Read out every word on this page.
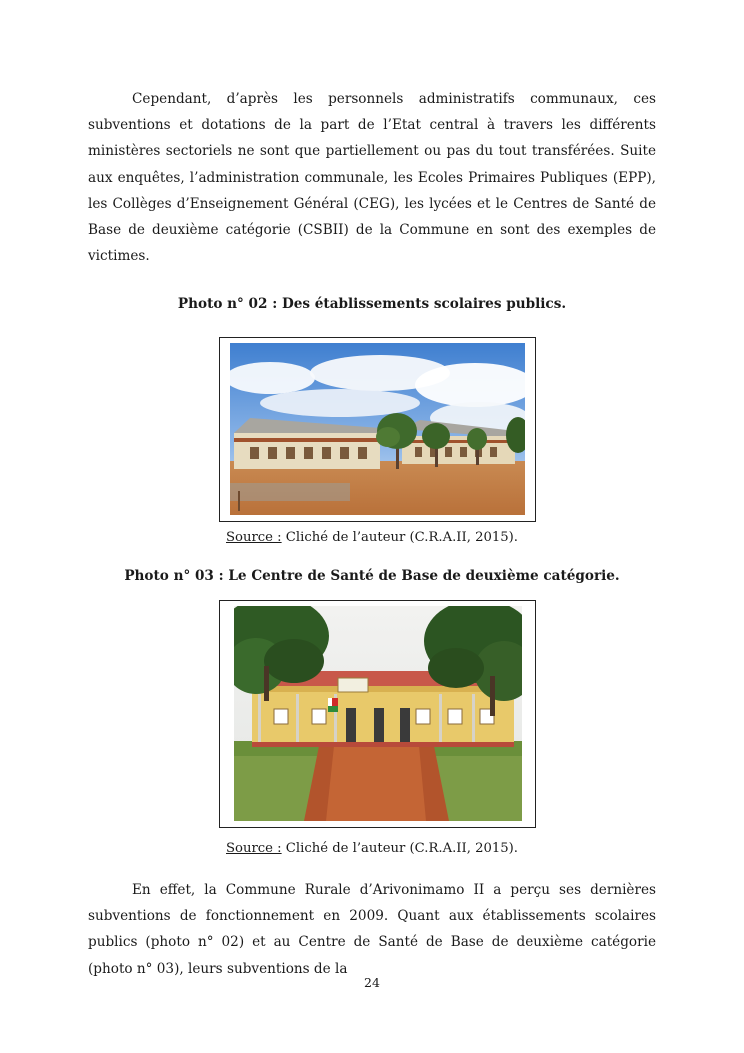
Cependant, d’après les personnels administratifs communaux, ces subventions et dotations de la part de l’Etat central à travers les différents ministères sectoriels ne sont que partiellement ou pas du tout transférées. Suite aux enquêtes, l’administration communale, les Ecoles Primaires Publiques (EPP), les Collèges d’Enseignement Général (CEG), les lycées et le Centres de Santé de Base de deuxième catégorie (CSBII) de la Commune en sont des exemples de victimes.

Photo n° 02 : Des établissements scolaires publics.

Source : Cliché de l’auteur (C.R.A.II, 2015).

Photo n° 03 : Le Centre de Santé de Base de deuxième catégorie.

Source : Cliché de l’auteur (C.R.A.II, 2015).

En effet, la Commune Rurale d’Arivonimamo II a perçu ses dernières subventions de fonctionnement en 2009. Quant aux établissements scolaires publics (photo n° 02) et au Centre de Santé de Base de deuxième catégorie (photo n° 03), leurs subventions de la

24
